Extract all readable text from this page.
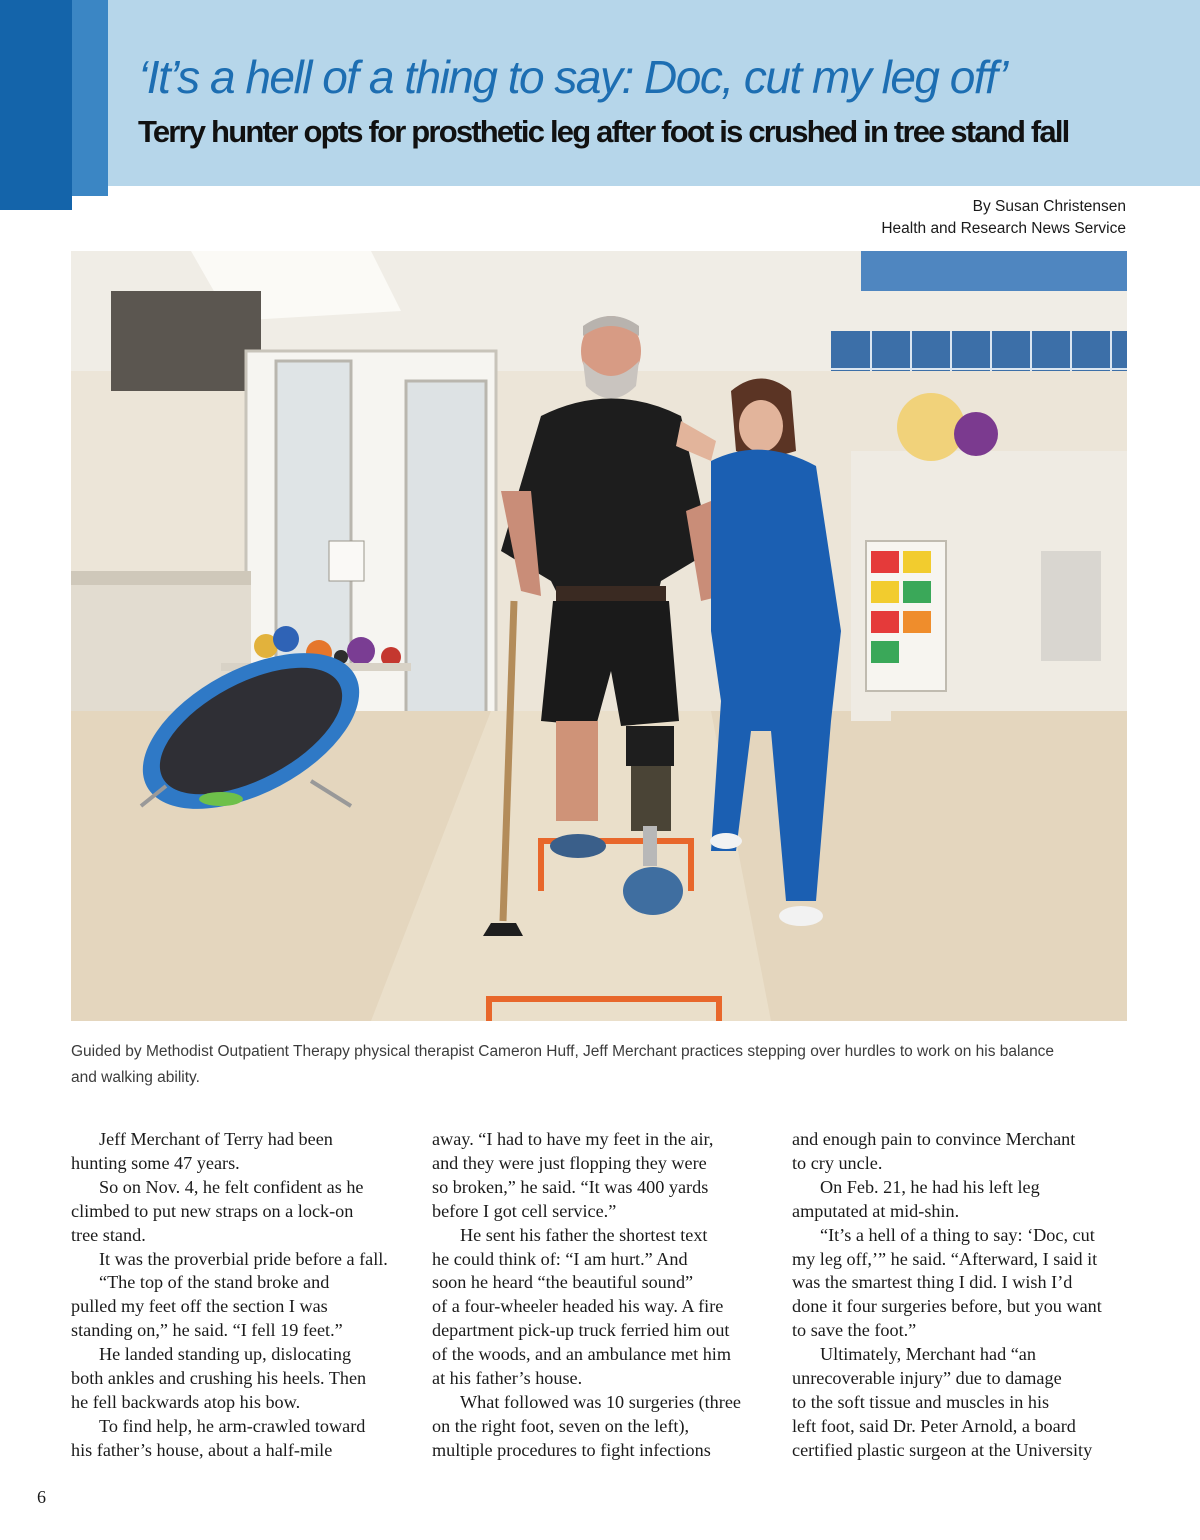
‘It’s a hell of a thing to say: Doc, cut my leg off’
Terry hunter opts for prosthetic leg after foot is crushed in tree stand fall
By Susan Christensen
Health and Research News Service

Guided by Methodist Outpatient Therapy physical therapist Cameron Huff, Jeff Merchant practices stepping over hurdles to work on his balance

and walking ability.

Jeff Merchant of Terry had been

hunting some 47 years.

So on Nov. 4, he felt confident as he

climbed to put new straps on a lock-on

tree stand.

It was the proverbial pride before a fall.

“The top of the stand broke and

pulled my feet off the section I was

standing on,” he said. “I fell 19 feet.”

He landed standing up, dislocating

both ankles and crushing his heels. Then

he fell backwards atop his bow.

To find help, he arm-crawled toward

his father’s house, about a half-mile

away. “I had to have my feet in the air,

and they were just flopping they were

so broken,” he said. “It was 400 yards

before I got cell service.”

He sent his father the shortest text

he could think of: “I am hurt.” And

soon he heard “the beautiful sound”

of a four-wheeler headed his way. A fire

department pick-up truck ferried him out

of the woods, and an ambulance met him

at his father’s house.

What followed was 10 surgeries (three

on the right foot, seven on the left),

multiple procedures to fight infections

and enough pain to convince Merchant

to cry uncle.

On Feb. 21, he had his left leg

amputated at mid-shin.

“It’s a hell of a thing to say: ‘Doc, cut

my leg off,’” he said. “Afterward, I said it

was the smartest thing I did. I wish I’d

done it four surgeries before, but you want

to save the foot.”

Ultimately, Merchant had “an

unrecoverable injury” due to damage

to the soft tissue and muscles in his

left foot, said Dr. Peter Arnold, a board

certified plastic surgeon at the University

6
